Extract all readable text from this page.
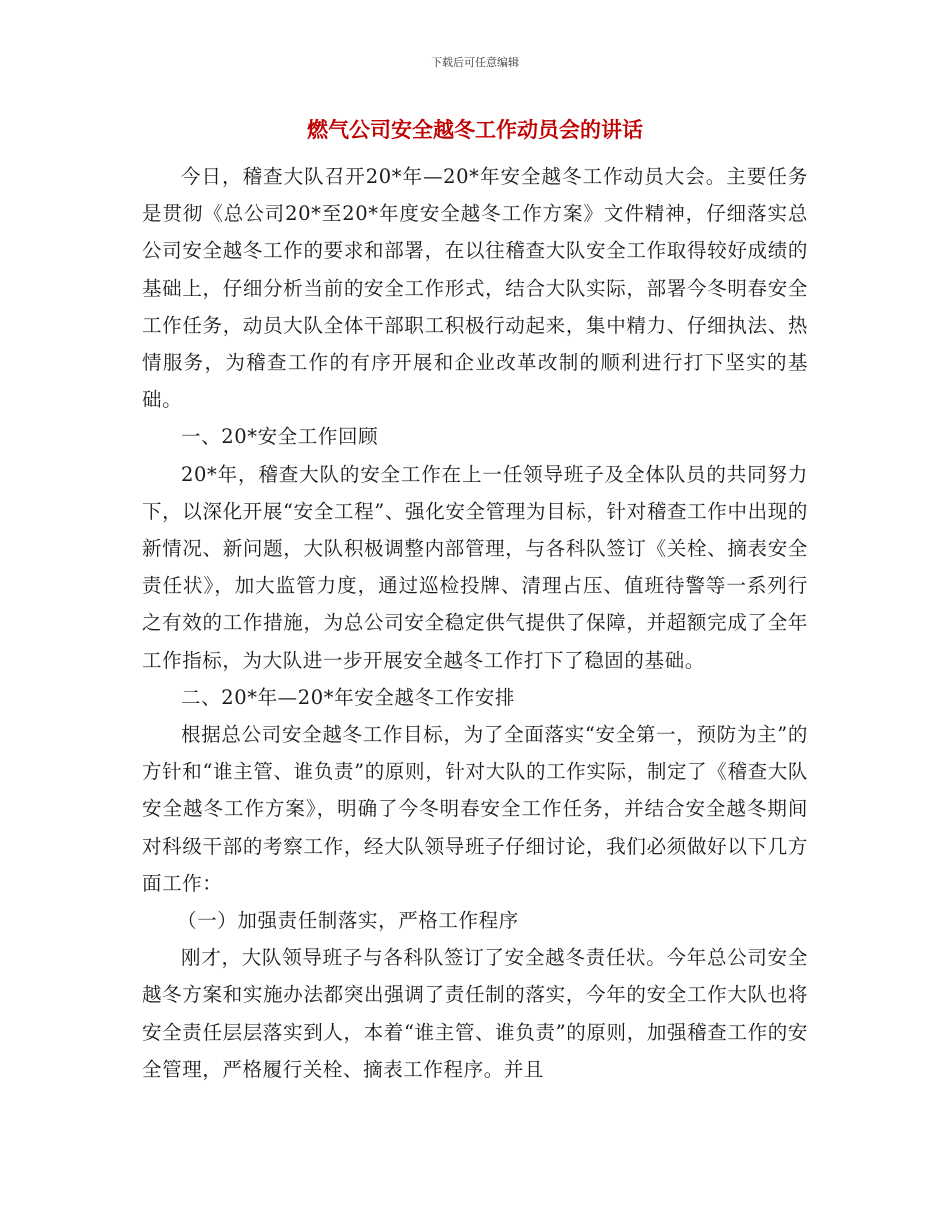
下载后可任意编辑
燃气公司安全越冬工作动员会的讲话

今日，稽查大队召开20*年—20*年安全越冬工作动员大会。主要任务是贯彻《总公司20*至20*年度安全越冬工作方案》文件精神，仔细落实总公司安全越冬工作的要求和部署，在以往稽查大队安全工作取得较好成绩的基础上，仔细分析当前的安全工作形式，结合大队实际，部署今冬明春安全工作任务，动员大队全体干部职工积极行动起来，集中精力、仔细执法、热情服务，为稽查工作的有序开展和企业改革改制的顺利进行打下坚实的基础。

一、20*安全工作回顾

20*年，稽查大队的安全工作在上一任领导班子及全体队员的共同努力下，以深化开展“安全工程”、强化安全管理为目标，针对稽查工作中出现的新情况、新问题，大队积极调整内部管理，与各科队签订《关栓、摘表安全责任状》，加大监管力度，通过巡检投牌、清理占压、值班待警等一系列行之有效的工作措施，为总公司安全稳定供气提供了保障，并超额完成了全年工作指标，为大队进一步开展安全越冬工作打下了稳固的基础。

二、20*年—20*年安全越冬工作安排

根据总公司安全越冬工作目标，为了全面落实“安全第一，预防为主”的方针和“谁主管、谁负责”的原则，针对大队的工作实际，制定了《稽查大队安全越冬工作方案》，明确了今冬明春安全工作任务，并结合安全越冬期间对科级干部的考察工作，经大队领导班子仔细讨论，我们必须做好以下几方面工作：

（一）加强责任制落实，严格工作程序

刚才，大队领导班子与各科队签订了安全越冬责任状。今年总公司安全越冬方案和实施办法都突出强调了责任制的落实，今年的安全工作大队也将安全责任层层落实到人，本着“谁主管、谁负责”的原则，加强稽查工作的安全管理，严格履行关栓、摘表工作程序。并且
